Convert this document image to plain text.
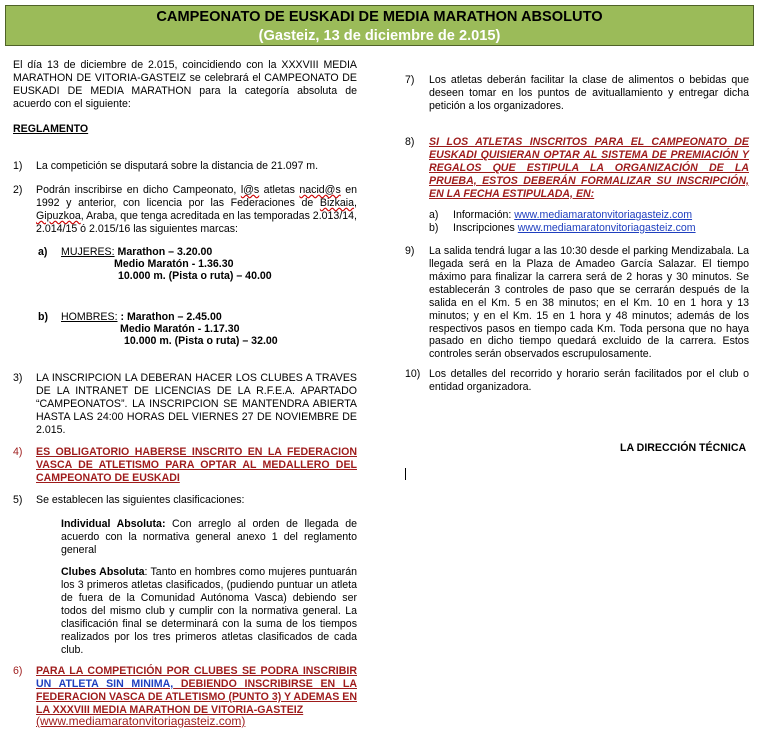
CAMPEONATO DE EUSKADI DE MEDIA MARATHON ABSOLUTO
(Gasteiz, 13 de diciembre de 2.015)

El día 13 de diciembre de 2.015, coincidiendo con la XXXVIII MEDIA MARATHON DE VITORIA-GASTEIZ se celebrará el CAMPEONATO DE EUSKADI DE MEDIA MARATHON para la categoría absoluta de acuerdo con el siguiente:

REGLAMENTO
1) La competición se disputará sobre la distancia de 21.097 m.
2) Podrán inscribirse en dicho Campeonato, l@s atletas nacid@s en 1992 y anterior, con licencia por las Federaciones de Bizkaia, Gipuzkoa, Araba, que tenga acreditada en las temporadas 2.013/14, 2.014/15 ó 2.015/16 las siguientes marcas:
a) MUJERES: Marathon – 3.20.00
Medio Maratón - 1.36.30
10.000 m. (Pista o ruta) – 40.00
b) HOMBRES: : Marathon – 2.45.00
Medio Maratón - 1.17.30
10.000 m. (Pista o ruta) – 32.00
3) LA INSCRIPCION LA DEBERAN HACER LOS CLUBES A TRAVES DE LA INTRANET DE LICENCIAS DE LA R.F.E.A. APARTADO “CAMPEONATOS”. LA INSCRIPCION SE MANTENDRA ABIERTA HASTA LAS 24:00 HORAS DEL VIERNES 27 DE NOVIEMBRE DE 2.015.
4) ES OBLIGATORIO HABERSE INSCRITO EN LA FEDERACION VASCA DE ATLETISMO PARA OPTAR AL MEDALLERO DEL CAMPEONATO DE EUSKADI
5) Se establecen las siguientes clasificaciones:
Individual Absoluta: Con arreglo al orden de llegada de acuerdo con la normativa general anexo 1 del reglamento general
Clubes Absoluta: Tanto en hombres como mujeres puntuarán los 3 primeros atletas clasificados, (pudiendo puntuar un atleta de fuera de la Comunidad Autónoma Vasca) debiendo ser todos del mismo club y cumplir con la normativa general. La clasificación final se determinará con la suma de los tiempos realizados por los tres primeros atletas clasificados de cada club.
6) PARA LA COMPETICIÓN POR CLUBES SE PODRA INSCRIBIR UN ATLETA SIN MINIMA, DEBIENDO INSCRIBIRSE EN LA FEDERACION VASCA DE ATLETISMO (PUNTO 3) Y ADEMAS EN LA XXXVIII MEDIA MARATHON DE VITORIA-GASTEIZ
(www.mediamaratonvitoriagasteiz.com)
7) Los atletas deberán facilitar la clase de alimentos o bebidas que deseen tomar en los puntos de avituallamiento y entregar dicha petición a los organizadores.
8) SI LOS ATLETAS INSCRITOS PARA EL CAMPEONATO DE EUSKADI QUISIERAN OPTAR AL SISTEMA DE PREMIACIÓN Y REGALOS QUE ESTIPULA LA ORGANIZACIÓN DE LA PRUEBA, ESTOS DEBERÁN FORMALIZAR SU INSCRIPCIÓN, EN LA FECHA ESTIPULADA, EN:
a) Información: www.mediamaratonvitoriagasteiz.com
b) Inscripciones www.mediamaratonvitoriagasteiz.com
9) La salida tendrá lugar a las 10:30 desde el parking Mendizabala. La llegada será en la Plaza de Amadeo García Salazar. El tiempo máximo para finalizar la carrera será de 2 horas y 30 minutos. Se establecerán 3 controles de paso que se cerrarán después de la salida en el Km. 5 en 38 minutos; en el Km. 10 en 1 hora y 13 minutos; y en el Km. 15 en 1 hora y 48 minutos; además de los respectivos pasos en tiempo cada Km. Toda persona que no haya pasado en dicho tiempo quedará excluido de la carrera. Estos controles serán observados escrupulosamente.
10) Los detalles del recorrido y horario serán facilitados por el club o entidad organizadora.
LA DIRECCIÓN TÉCNICA
